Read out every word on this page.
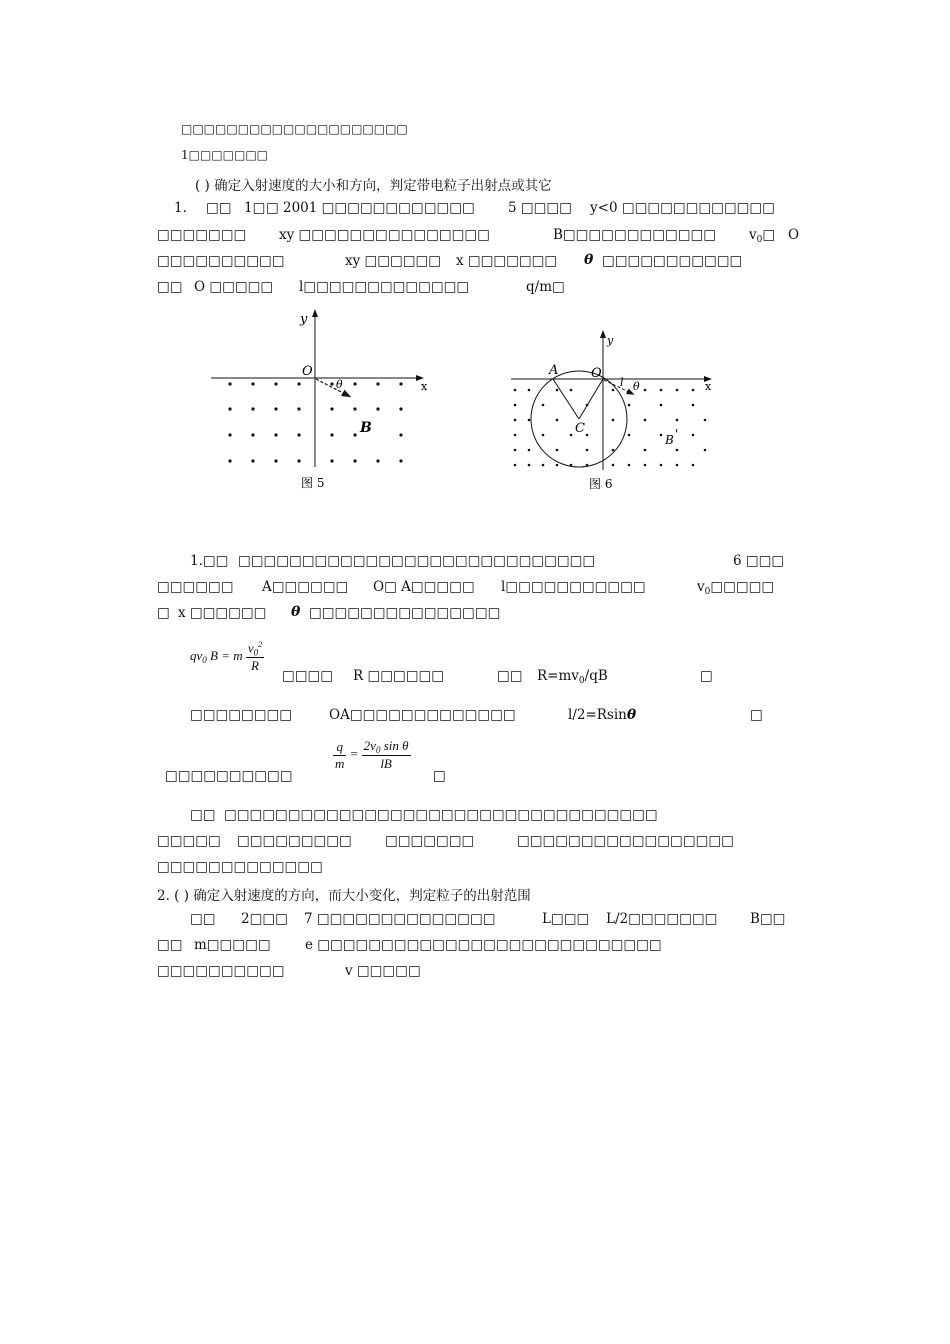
□□□□□□□□□□□□□□□□□□□□
1□□□□□□□
( ) 确定入射速度的大小和方向，判定带电粒子出射点或其它
1. □□ 1□ □ 2001 □□□□□□□□□□□□ 5 □□□□ y<0 □□□□□□□□□□□□
□□□□□□□ xy □□□□□□□□□□□□□□□	B□□□□□□□□□□□□ $v_0□$ O
□□□□□□□□□□	xy □□□□□□ x □□□□□□□ θ □□□□□□□□□□□
□□ O □□□□□ l□□□□□□□□□□□□□	q/m□
y
x
O
θ
B
图 5
y
x
O
A
C
l θ
B '
图 6
1.□□ □□□□□□□□□□□□□□□□□□□□□□□□□□□□	6 □□□
□□□□□□ A□□□□□□ O□ A□□□□□ l□□□□□□□□□□□	$v_0□□□□□$
□ x □□□□□□ θ □□□□□□□□□□□□□□□
$qv_0$ B = m $\frac{v_0^2}{R}$
□□□□ R □□□□□□	□□ $R=mv_0/qB$	□
□□□□□□□□	OA□□□□□□□□□□□□□	l/2=Rsinθ	□
□□□□□□□□□□
$\frac{q}{m} = \frac{2v_0 \sin \theta}{lB}$
□
□□ □□□□□□□□□□□□□□□□□□□□□□□□□□□□□□□□□□
□□□□□ □□□□□□□□□ □□□□□□□	□□□□□□□□□□□□□□□□□
□□□□□□□□□□□□□
2. ( ) 确定入射速度的方向，而大小变化，判定粒子的出射范围
□□ 2□□□ 7 □□□□□□□□□□□□□□	L□□□ L/2□□□□□□□ B□□
□□ m□□□□□	e □□□□□□□□□□□□□□□□□□□□□□□□□□□
□□□□□□□□□□	v □□□□□
